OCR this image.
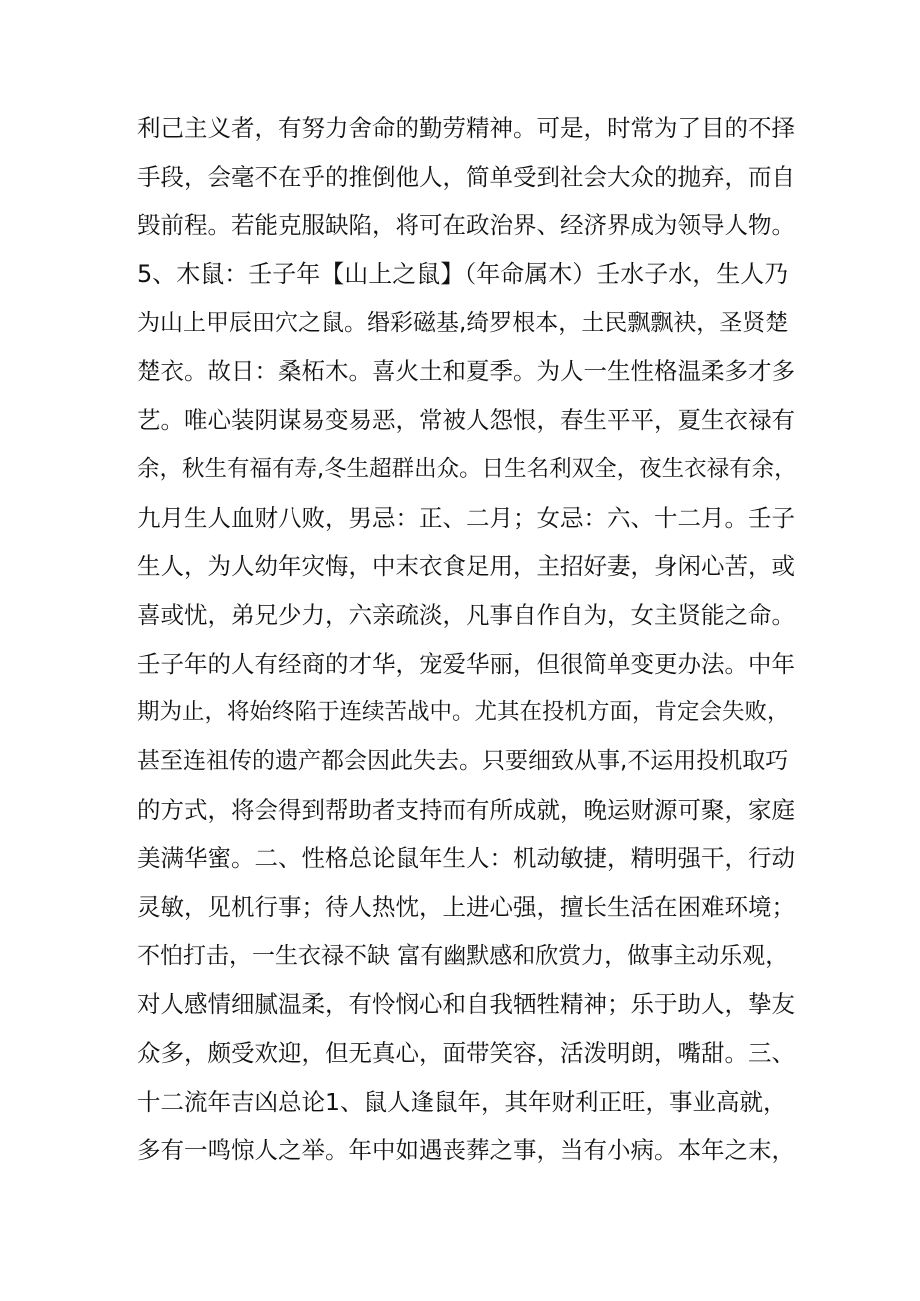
利己主义者，有努力舍命的勤劳精神。可是，时常为了目的不择
手段，会毫不在乎的推倒他人，简单受到社会大众的抛弃，而自
毁前程。若能克服缺陷，将可在政治界、经济界成为领导人物。
5、木鼠：壬子年【山上之鼠】（年命属木）壬水子水，生人乃
为山上甲辰田穴之鼠。缗彩磁基,绮罗根本，土民飘飘袂，圣贤楚
楚衣。故日：桑柘木。喜火土和夏季。为人一生性格温柔多才多
艺。唯心装阴谋易变易恶，常被人怨恨，春生平平，夏生衣禄有
余，秋生有福有寿,冬生超群出众。日生名利双全，夜生衣禄有余，
九月生人血财八败，男忌：正、二月；女忌：六、十二月。壬子
生人，为人幼年灾悔，中末衣食足用，主招好妻，身闲心苦，或
喜或忧，弟兄少力，六亲疏淡，凡事自作自为，女主贤能之命。
壬子年的人有经商的才华，宠爱华丽，但很简单变更办法。中年
期为止，将始终陷于连续苦战中。尤其在投机方面，肯定会失败，
甚至连祖传的遗产都会因此失去。只要细致从事,不运用投机取巧
的方式，将会得到帮助者支持而有所成就，晚运财源可聚，家庭
美满华蜜。二、性格总论鼠年生人：机动敏捷，精明强干，行动
灵敏，见机行事；待人热忱，上进心强，擅长生活在困难环境；
不怕打击，一生衣禄不缺 富有幽默感和欣赏力，做事主动乐观，
对人感情细腻温柔，有怜悯心和自我牺牲精神；乐于助人，挚友
众多，颇受欢迎，但无真心，面带笑容，活泼明朗，嘴甜。三、
十二流年吉凶总论1、鼠人逢鼠年，其年财利正旺，事业高就，
多有一鸣惊人之举。年中如遇丧葬之事，当有小病。本年之末，
